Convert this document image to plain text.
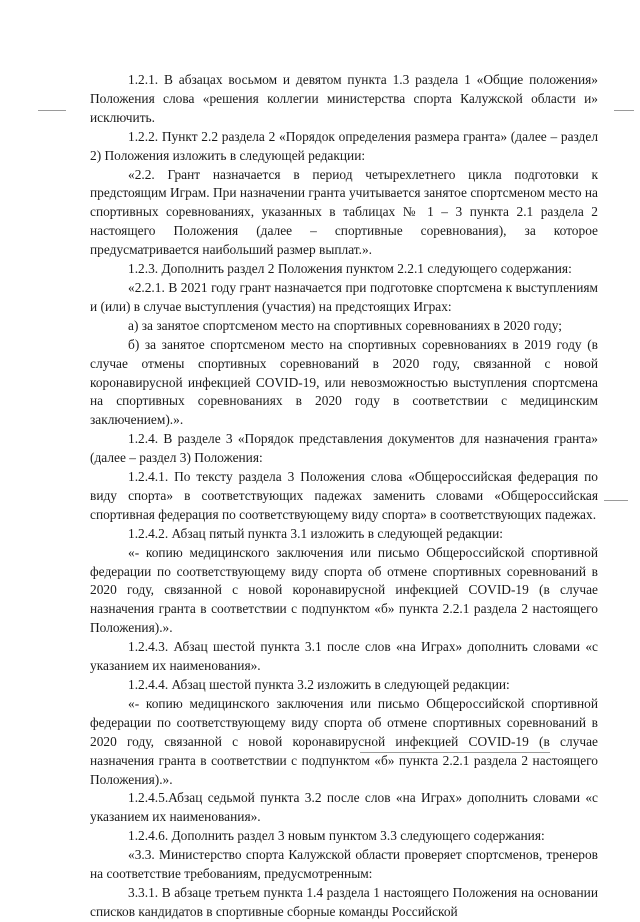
1.2.1. В абзацах восьмом и девятом пункта 1.3 раздела 1 «Общие положения» Положения слова «решения коллегии министерства спорта Калужской области и» исключить.

1.2.2. Пункт 2.2 раздела 2 «Порядок определения размера гранта» (далее – раздел 2) Положения изложить в следующей редакции:

«2.2. Грант назначается в период четырехлетнего цикла подготовки к предстоящим Играм. При назначении гранта учитывается занятое спортсменом место на спортивных соревнованиях, указанных в таблицах № 1 – 3 пункта 2.1 раздела 2 настоящего Положения (далее – спортивные соревнования), за которое предусматривается наибольший размер выплат.».

1.2.3. Дополнить раздел 2 Положения пунктом 2.2.1 следующего содержания:

«2.2.1. В 2021 году грант назначается при подготовке спортсмена к выступлениям и (или) в случае выступления (участия) на предстоящих Играх:

а) за занятое спортсменом место на спортивных соревнованиях в 2020 году;

б) за занятое спортсменом место на спортивных соревнованиях в 2019 году (в случае отмены спортивных соревнований в 2020 году, связанной с новой коронавирусной инфекцией COVID-19, или невозможностью выступления спортсмена на спортивных соревнованиях в 2020 году в соответствии с медицинским заключением).».

1.2.4. В разделе 3 «Порядок представления документов для назначения гранта» (далее – раздел 3) Положения:

1.2.4.1. По тексту раздела 3 Положения слова «Общероссийская федерация по виду спорта» в соответствующих падежах заменить словами «Общероссийская спортивная федерация по соответствующему виду спорта» в соответствующих падежах.

1.2.4.2. Абзац пятый пункта 3.1 изложить в следующей редакции:

«- копию медицинского заключения или письмо Общероссийской спортивной федерации по соответствующему виду спорта об отмене спортивных соревнований в 2020 году, связанной с новой коронавирусной инфекцией COVID-19 (в случае назначения гранта в соответствии с подпунктом «б» пункта 2.2.1 раздела 2 настоящего Положения).».

1.2.4.3. Абзац шестой пункта 3.1 после слов «на Играх» дополнить словами «с указанием их наименования».

1.2.4.4. Абзац шестой пункта 3.2 изложить в следующей редакции:

«- копию медицинского заключения или письмо Общероссийской спортивной федерации по соответствующему виду спорта об отмене спортивных соревнований в 2020 году, связанной с новой коронавирусной инфекцией COVID-19 (в случае назначения гранта в соответствии с подпунктом «б» пункта 2.2.1 раздела 2 настоящего Положения).».

1.2.4.5.Абзац седьмой пункта 3.2 после слов «на Играх» дополнить словами «с указанием их наименования».

1.2.4.6. Дополнить раздел 3 новым пунктом 3.3 следующего содержания:

«3.3. Министерство спорта Калужской области проверяет спортсменов, тренеров на соответствие требованиям, предусмотренным:

3.3.1. В абзаце третьем пункта 1.4 раздела 1 настоящего Положения на основании списков кандидатов в спортивные сборные команды Российской
